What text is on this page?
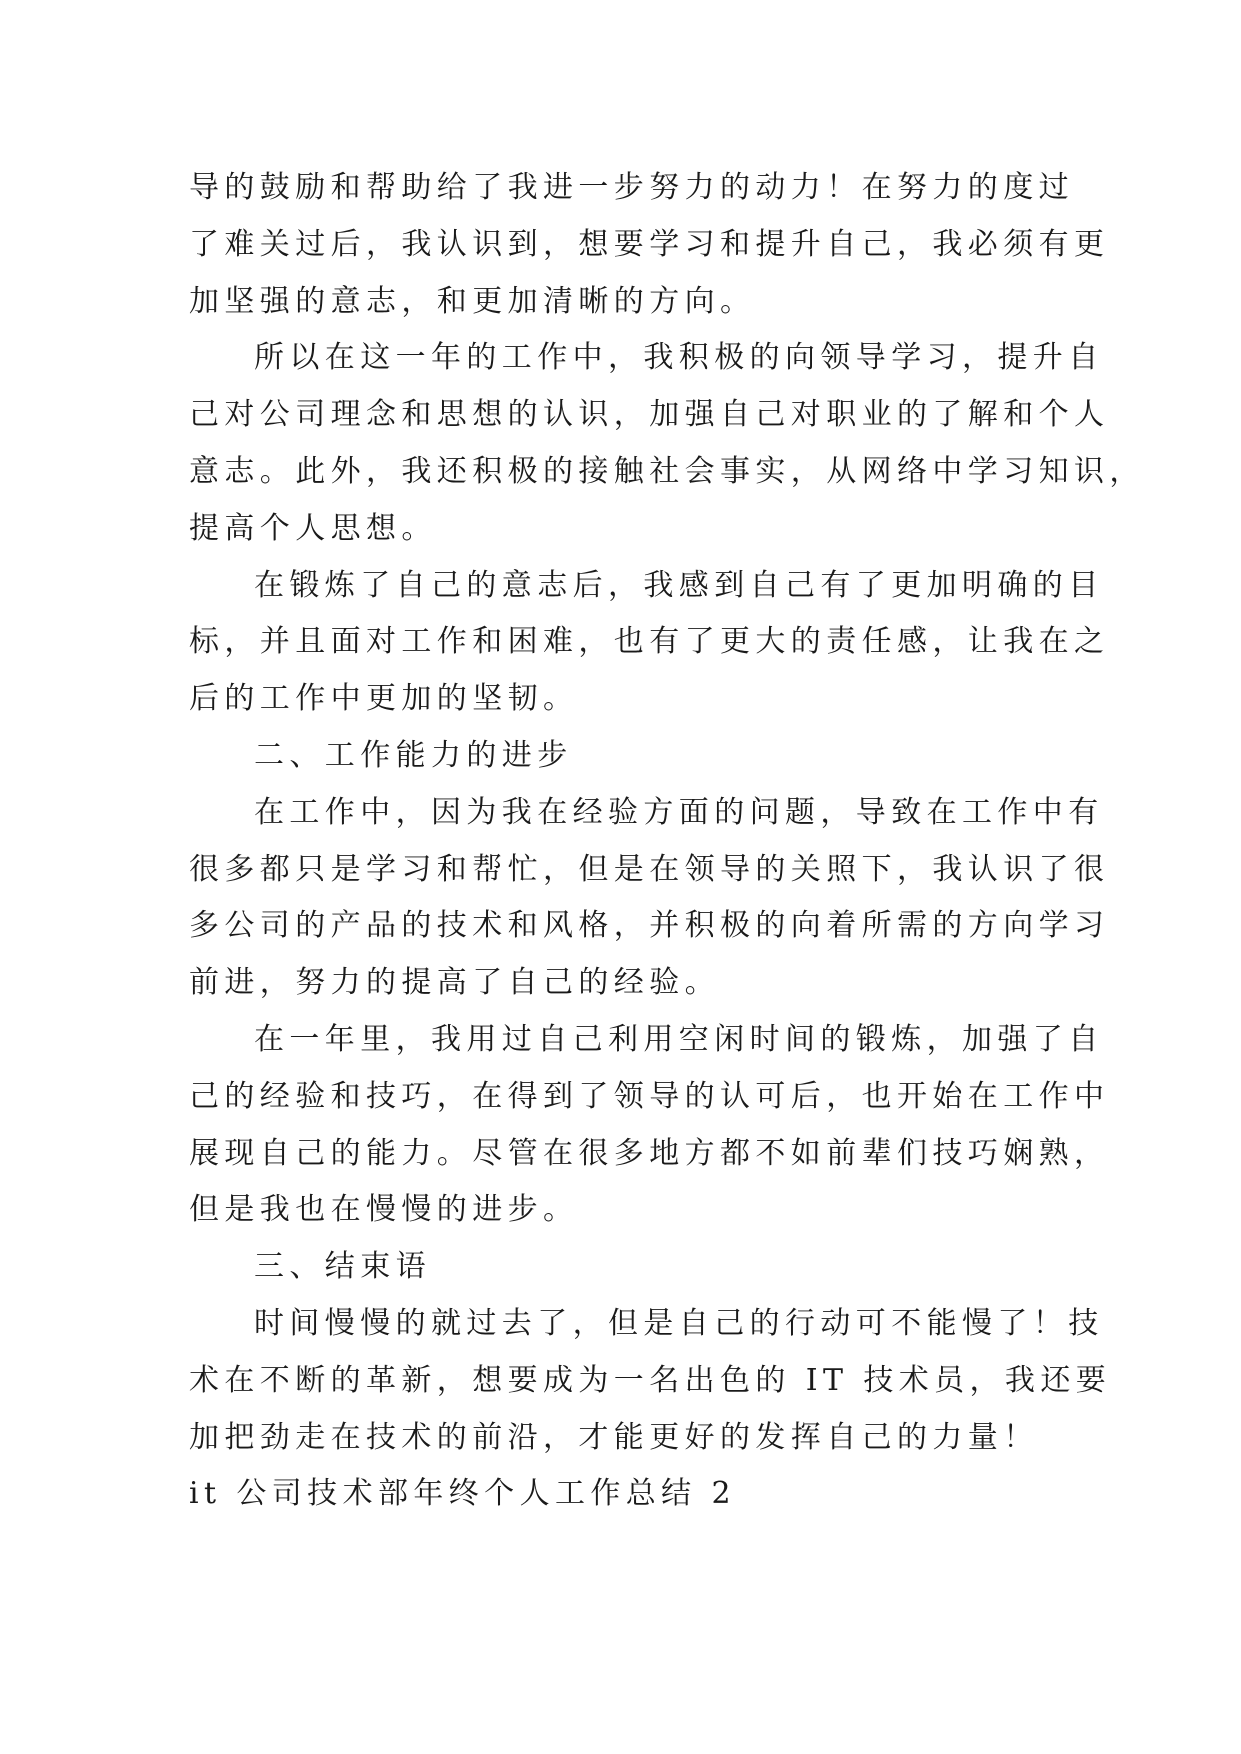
导的鼓励和帮助给了我进一步努力的动力！在努力的度过
了难关过后，我认识到，想要学习和提升自己，我必须有更
加坚强的意志，和更加清晰的方向。
所以在这一年的工作中，我积极的向领导学习，提升自
己对公司理念和思想的认识，加强自己对职业的了解和个人
意志。此外，我还积极的接触社会事实，从网络中学习知识，
提高个人思想。
在锻炼了自己的意志后，我感到自己有了更加明确的目
标，并且面对工作和困难，也有了更大的责任感，让我在之
后的工作中更加的坚韧。
二、工作能力的进步
在工作中，因为我在经验方面的问题，导致在工作中有
很多都只是学习和帮忙，但是在领导的关照下，我认识了很
多公司的产品的技术和风格，并积极的向着所需的方向学习
前进，努力的提高了自己的经验。
在一年里，我用过自己利用空闲时间的锻炼，加强了自
己的经验和技巧，在得到了领导的认可后，也开始在工作中
展现自己的能力。尽管在很多地方都不如前辈们技巧娴熟，
但是我也在慢慢的进步。
三、结束语
时间慢慢的就过去了，但是自己的行动可不能慢了！技
术在不断的革新，想要成为一名出色的 IT 技术员，我还要
加把劲走在技术的前沿，才能更好的发挥自己的力量！
it 公司技术部年终个人工作总结 2
